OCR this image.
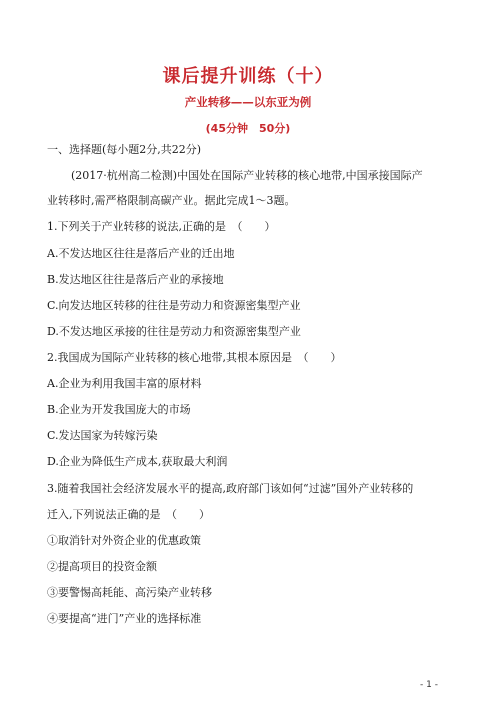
课后提升训练（十）
产业转移——以东亚为例
(45分钟　50分)
一、选择题(每小题2分,共22分)
(2017·杭州高二检测)中国处在国际产业转移的核心地带,中国承接国际产
业转移时,需严格限制高碳产业。据此完成1～3题。
1.下列关于产业转移的说法,正确的是　（　　）
A.不发达地区往往是落后产业的迁出地
B.发达地区往往是落后产业的承接地
C.向发达地区转移的往往是劳动力和资源密集型产业
D.不发达地区承接的往往是劳动力和资源密集型产业
2.我国成为国际产业转移的核心地带,其根本原因是　（　　）
A.企业为利用我国丰富的原材料
B.企业为开发我国庞大的市场
C.发达国家为转嫁污染
D.企业为降低生产成本,获取最大利润
3.随着我国社会经济发展水平的提高,政府部门该如何“过滤”国外产业转移的
迁入,下列说法正确的是　（　　）
①取消针对外资企业的优惠政策
②提高项目的投资金额
③要警惕高耗能、高污染产业转移
④要提高“进门”产业的选择标准
- 1 -
